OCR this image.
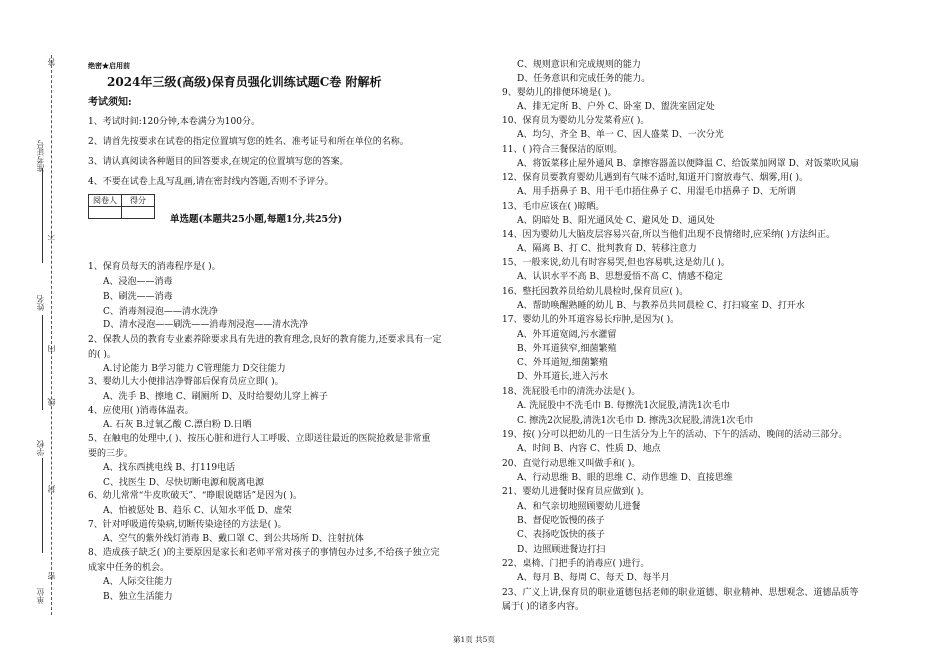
准考证号
姓名
学校
单位
答
不
内
线
封
密
绝密★启用前
2024年三级(高级)保育员强化训练试题C卷 附解析
考试须知:
1、考试时间:120分钟,本卷满分为100分。
2、请首先按要求在试卷的指定位置填写您的姓名、准考证号和所在单位的名称。
3、请认真阅读各种题目的回答要求,在规定的位置填写您的答案。
4、不要在试卷上乱写乱画,请在密封线内答题,否则不予评分。
阅卷人	得分

单选题(本题共25小题,每题1分,共25分)
1、保育员每天的消毒程序是( )。
A、浸泡——消毒
B、刷洗——消毒
C、消毒剂浸泡——清水洗净
D、清水浸泡——刷洗——消毒剂浸泡——清水洗净
2、保教人员的教育专业素养除要求具有先进的教育理念,良好的教育能力,还要求具有一定
的( )。
A.讨论能力 B学习能力 C管理能力 D交往能力
3、婴幼儿大小便排洁净臀部后保育员应立即( )。
A、洗手 B、擦地 C、刷厕所 D、及时给婴幼儿穿上裤子
4、应使用( )消毒体温表。
A. 石灰 B.过氧乙酸 C.漂白粉 D.日晒
5、在触电的处理中,( )、按压心脏和进行人工呼吸、立即送往最近的医院抢救是非常重
要的三步。
A、找东西挑电线 B、打119电话
C、找医生 D、尽快切断电源和脱离电源
6、幼儿常常“牛皮吹破天”、“睁眼说瞎话”是因为( )。
A、怕被惩处 B、趋乐 C、认知水平低 D、虚荣
7、针对呼吸道传染病,切断传染途径的方法是( )。
A、空气的紫外线灯消毒 B、戴口罩 C、到公共场所 D、注射抗体
8、造成孩子缺乏( )的主要原因是家长和老师平常对孩子的事情包办过多,不给孩子独立完
成家中任务的机会。
A、人际交往能力
B、独立生活能力
C、规则意识和完成规则的能力
D、任务意识和完成任务的能力。
9、婴幼儿的排便环境是( )。
A、排无定所 B、户外 C、卧室 D、盥洗室固定处
10、保育员为婴幼儿分发菜肴应( )。
A、均匀、齐全 B、单一 C、因人盛菜 D、一次分光
11、( )符合三餐保洁的原则。
A、将饭菜移止屋外通风 B、拿擦容器盖以便降温 C、给饭菜加网罩 D、对饭菜吹风扇
12、保育员要教育婴幼儿遇到有气味不适时,知道开门窗放毒气、烟雾,用( )。
A、用手捂鼻子 B、用干毛巾捂住鼻子 C、用湿毛巾捂鼻子 D、无所谓
13、毛巾应该在( )晾晒。
A、阴暗处 B、阳光通风处 C、避风处 D、通风处
14、因为婴幼儿大脑皮层容易兴奋,所以当他们出现不良情绪时,应采纳( )方法纠正。
A、隔离 B、打 C、批判教育 D、转移注意力
15、一般来说,幼儿有时容易哭,但也容易哄,这是幼儿( )。
A、认识水平不高 B、思想爱悟不高 C、情感不稳定
16、整托园教养员给幼儿晨检时,保育员应( )。
A、帮助唤醒熟睡的幼儿 B、与教养员共同晨检 C、打扫寝室 D、打开水
17、婴幼儿的外耳道容易长疖肿,是因为( )。
A、外耳道宽阔,污水灌留
B、外耳道狭窄,细菌繁殖
C、外耳道短,细菌繁殖
D、外耳道长,进入污水
18、洗屁股毛巾的清洗办法是( )。
A. 洗屁股中不洗毛巾 B. 每擦洗1次屁股,清洗1次毛巾
C. 擦洗2次屁股,清洗1次毛巾 D. 擦洗3次屁股,清洗1次毛巾
19、按( )分可以把幼儿的一日生活分为上午的活动、下午的活动、晚间的活动三部分。
A、时间 B、内容 C、性质 D、地点
20、直觉行动思维又叫做手和( )。
A、行动思维 B、眼的思维 C、动作思维 D、直接思维
21、婴幼儿进餐时保育员应做到( )。
A、和气亲切地照顾婴幼儿进餐
B、督促吃饭慢的孩子
C、表扬吃饭快的孩子
D、边照顾进餐边打扫
22、桌椅、门把手的消毒应( )进行。
A、每月 B、每周 C、每天 D、每半月
23、广义上讲,保育员的职业道德包括老师的职业道德、职业精神、思想观念、道德品质等
属于( )的诸多内容。
第1页 共5页
